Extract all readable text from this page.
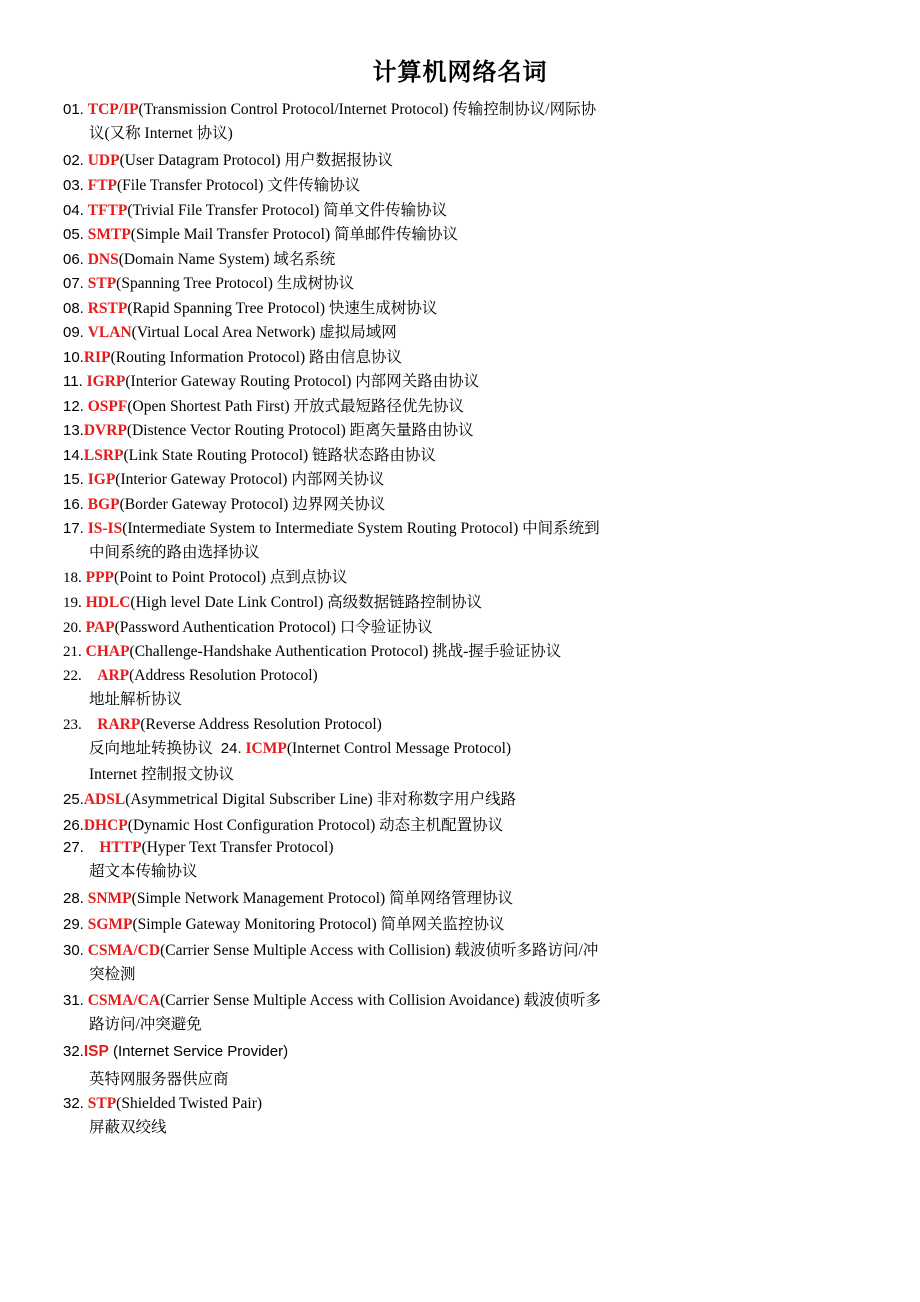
计算机网络名词
01. TCP/IP(Transmission Control Protocol/Internet Protocol) 传输控制协议/网际协
议(又称 Internet 协议)
02. UDP(User Datagram Protocol) 用户数据报协议
03. FTP(File Transfer Protocol) 文件传输协议
04. TFTP(Trivial File Transfer Protocol) 简单文件传输协议
05. SMTP(Simple Mail Transfer Protocol) 简单邮件传输协议
06. DNS(Domain Name System) 域名系统
07. STP(Spanning Tree Protocol) 生成树协议
08. RSTP(Rapid Spanning Tree Protocol) 快速生成树协议
09. VLAN(Virtual Local Area Network) 虚拟局域网
10.RIP(Routing Information Protocol) 路由信息协议
11. IGRP(Interior Gateway Routing Protocol) 内部网关路由协议
12. OSPF(Open Shortest Path First) 开放式最短路径优先协议
13.DVRP(Distence Vector Routing Protocol) 距离矢量路由协议
14.LSRP(Link State Routing Protocol) 链路状态路由协议
15. IGP(Interior Gateway Protocol) 内部网关协议
16. BGP(Border Gateway Protocol) 边界网关协议
17. IS-IS(Intermediate System to Intermediate System Routing Protocol) 中间系统到
中间系统的路由选择协议
18. PPP(Point to Point Protocol) 点到点协议
19. HDLC(High level Date Link Control) 高级数据链路控制协议
20. PAP(Password Authentication Protocol) 口令验证协议
21. CHAP(Challenge-Handshake Authentication Protocol) 挑战-握手验证协议
22. ARP(Address Resolution Protocol)
地址解析协议
23. RARP(Reverse Address Resolution Protocol)
反向地址转换协议 24. ICMP(Internet Control Message Protocol)
Internet 控制报文协议
25.ADSL(Asymmetrical Digital Subscriber Line) 非对称数字用户线路
26.DHCP(Dynamic Host Configuration Protocol) 动态主机配置协议
27. HTTP(Hyper Text Transfer Protocol)
超文本传输协议
28. SNMP(Simple Network Management Protocol) 简单网络管理协议
29. SGMP(Simple Gateway Monitoring Protocol) 简单网关监控协议
30. CSMA/CD(Carrier Sense Multiple Access with Collision) 载波侦听多路访问/冲
突检测
31. CSMA/CA(Carrier Sense Multiple Access with Collision Avoidance) 载波侦听多
路访问/冲突避免
32.ISP (Internet Service Provider)
英特网服务器供应商
32. STP(Shielded Twisted Pair)
屏蔽双绞线
